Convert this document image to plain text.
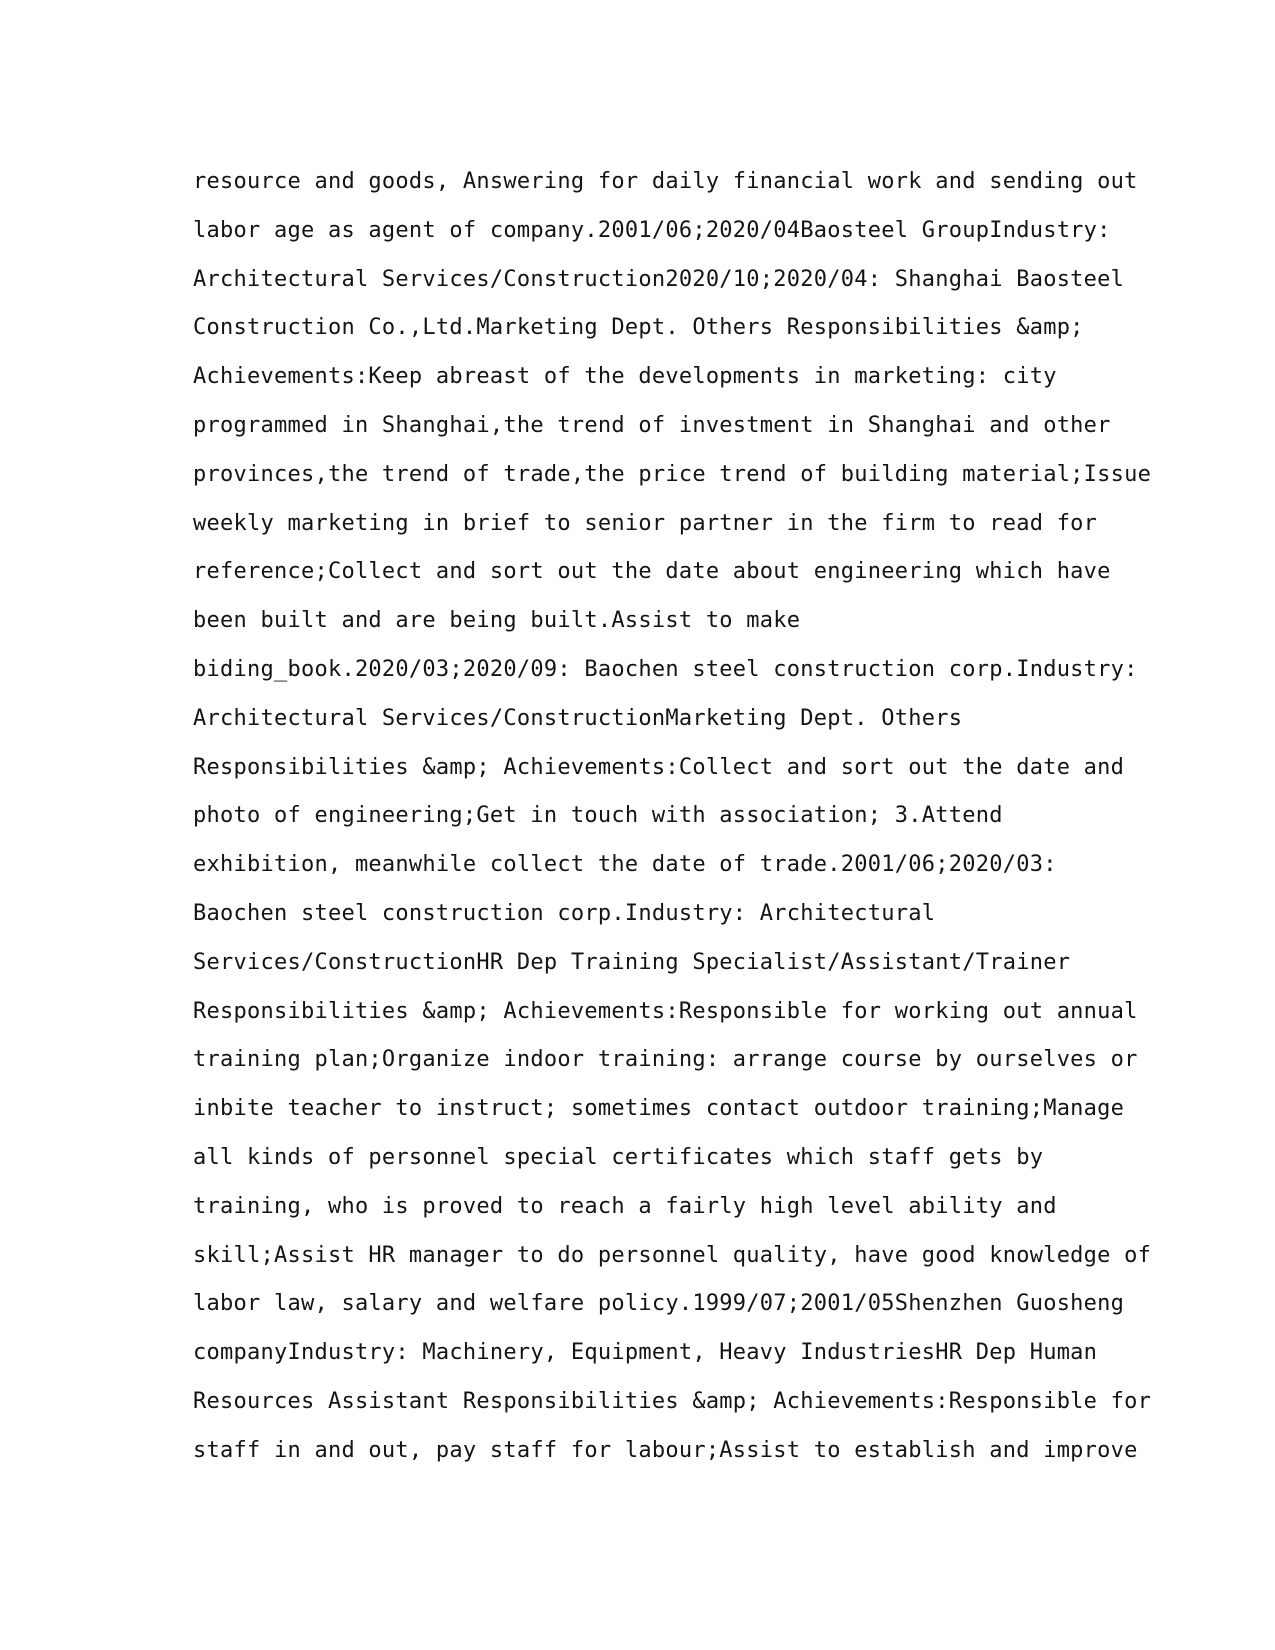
resource and goods, Answering for daily financial work and sending out
labor age as agent of company.2001/06;2020/04Baosteel GroupIndustry:
Architectural Services/Construction2020/10;2020/04: Shanghai Baosteel
Construction Co.,Ltd.Marketing Dept. Others Responsibilities &amp;
Achievements:Keep abreast of the developments in marketing: city
programmed in Shanghai,the trend of investment in Shanghai and other
provinces,the trend of trade,the price trend of building material;Issue
weekly marketing in brief to senior partner in the firm to read for
reference;Collect and sort out the date about engineering which have
been built and are being built.Assist to make
biding_book.2020/03;2020/09: Baochen steel construction corp.Industry:
Architectural Services/ConstructionMarketing Dept. Others
Responsibilities &amp; Achievements:Collect and sort out the date and
photo of engineering;Get in touch with association; 3.Attend
exhibition, meanwhile collect the date of trade.2001/06;2020/03:
Baochen steel construction corp.Industry: Architectural
Services/ConstructionHR Dep Training Specialist/Assistant/Trainer
Responsibilities &amp; Achievements:Responsible for working out annual
training plan;Organize indoor training: arrange course by ourselves or
inbite teacher to instruct; sometimes contact outdoor training;Manage
all kinds of personnel special certificates which staff gets by
training, who is proved to reach a fairly high level ability and
skill;Assist HR manager to do personnel quality, have good knowledge of
labor law, salary and welfare policy.1999/07;2001/05Shenzhen Guosheng
companyIndustry: Machinery, Equipment, Heavy IndustriesHR Dep Human
Resources Assistant Responsibilities &amp; Achievements:Responsible for
staff in and out, pay staff for labour;Assist to establish and improve
